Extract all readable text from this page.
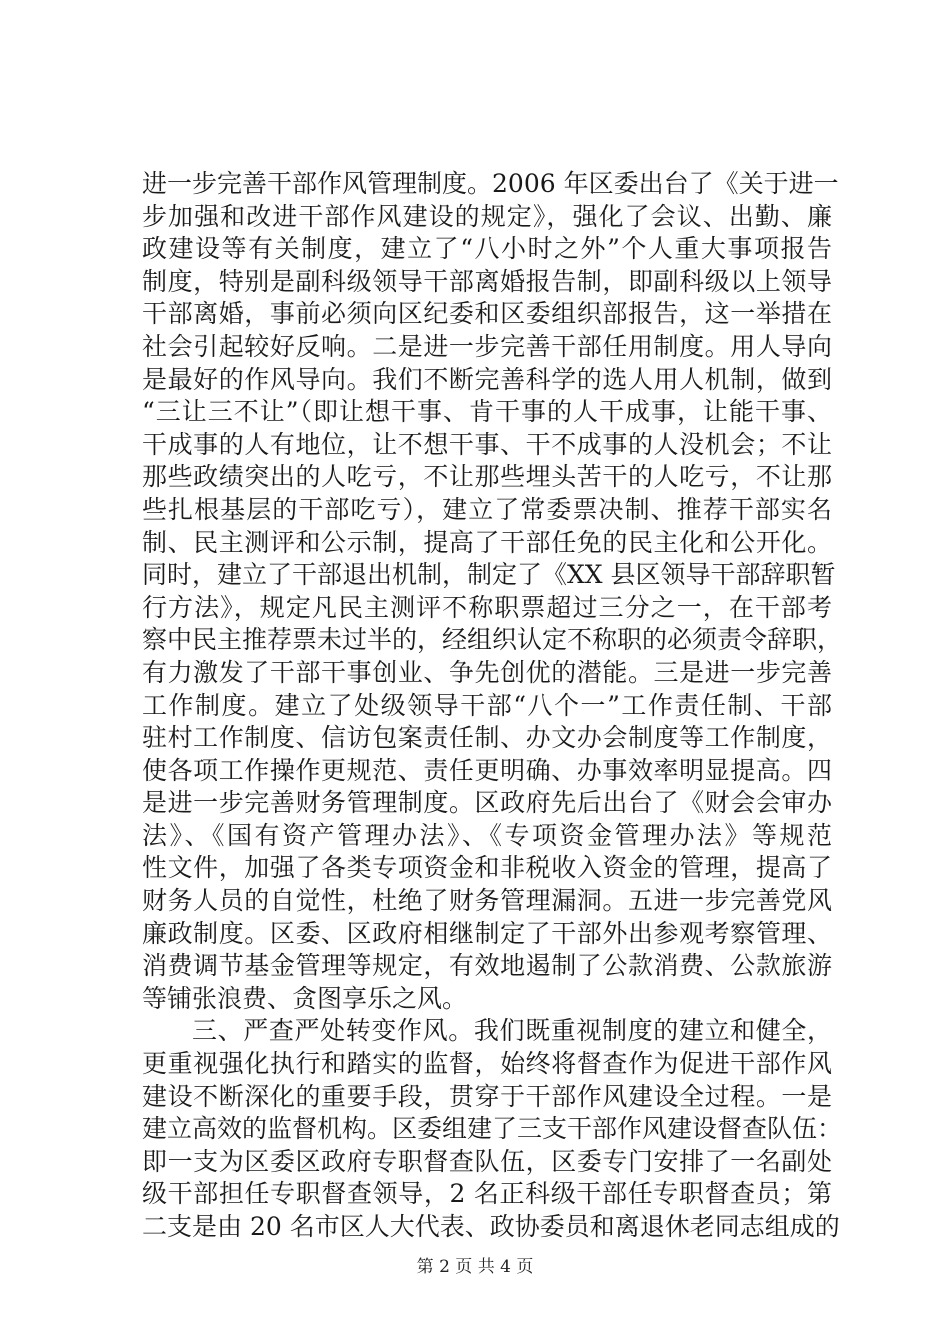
进一步完善干部作风管理制度。2006 年区委出台了《关于进一
步加强和改进干部作风建设的规定》，强化了会议、出勤、廉
政建设等有关制度，建立了“八小时之外”个人重大事项报告
制度，特别是副科级领导干部离婚报告制，即副科级以上领导
干部离婚，事前必须向区纪委和区委组织部报告，这一举措在
社会引起较好反响。二是进一步完善干部任用制度。用人导向
是最好的作风导向。我们不断完善科学的选人用人机制，做到
“三让三不让”（即让想干事、肯干事的人干成事，让能干事、
干成事的人有地位，让不想干事、干不成事的人没机会；不让
那些政绩突出的人吃亏，不让那些埋头苦干的人吃亏，不让那
些扎根基层的干部吃亏），建立了常委票决制、推荐干部实名
制、民主测评和公示制，提高了干部任免的民主化和公开化。
同时，建立了干部退出机制，制定了《XX 县区领导干部辞职暂
行方法》，规定凡民主测评不称职票超过三分之一，在干部考
察中民主推荐票未过半的，经组织认定不称职的必须责令辞职，
有力激发了干部干事创业、争先创优的潜能。三是进一步完善
工作制度。建立了处级领导干部“八个一”工作责任制、干部
驻村工作制度、信访包案责任制、办文办会制度等工作制度，
使各项工作操作更规范、责任更明确、办事效率明显提高。四
是进一步完善财务管理制度。区政府先后出台了《财会会审办
法》、《国有资产管理办法》、《专项资金管理办法》等规范
性文件，加强了各类专项资金和非税收入资金的管理，提高了
财务人员的自觉性，杜绝了财务管理漏洞。五进一步完善党风
廉政制度。区委、区政府相继制定了干部外出参观考察管理、
消费调节基金管理等规定，有效地遏制了公款消费、公款旅游
等铺张浪费、贪图享乐之风。
三、严查严处转变作风。我们既重视制度的建立和健全，
更重视强化执行和踏实的监督，始终将督查作为促进干部作风
建设不断深化的重要手段，贯穿于干部作风建设全过程。一是
建立高效的监督机构。区委组建了三支干部作风建设督查队伍：
即一支为区委区政府专职督查队伍，区委专门安排了一名副处
级干部担任专职督查领导，2 名正科级干部任专职督查员；第
二支是由 20 名市区人大代表、政协委员和离退休老同志组成的
第 2 页 共 4 页
